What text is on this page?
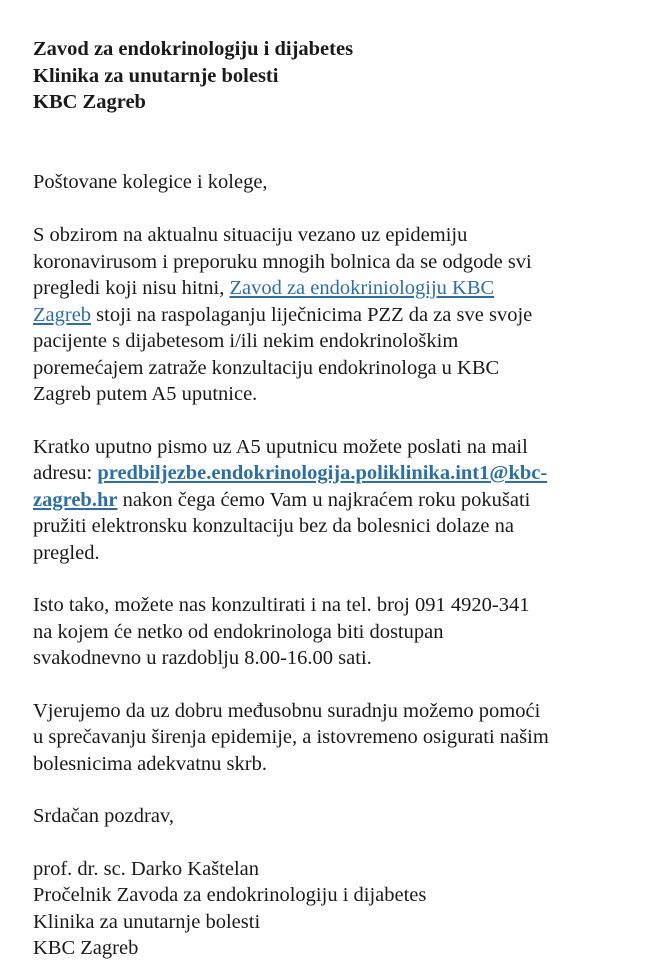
Zavod za endokrinologiju i dijabetes
Klinika za unutarnje bolesti
KBC Zagreb

Poštovane kolegice i kolege,

S obzirom na aktualnu situaciju vezano uz epidemiju
koronavirusom i preporuku mnogih bolnica da se odgode svi
pregledi koji nisu hitni, Zavod za endokriniologiju KBC
Zagreb stoji na raspolaganju liječnicima PZZ da za sve svoje
pacijente s dijabetesom i/ili nekim endokrinološkim
poremećajem zatraže konzultaciju endokrinologa u KBC
Zagreb putem A5 uputnice.

Kratko uputno pismo uz A5 uputnicu možete poslati na mail
adresu: predbiljezbe.endokrinologija.poliklinika.int1@kbc-
zagreb.hr nakon čega ćemo Vam u najkraćem roku pokušati
pružiti elektronsku konzultaciju bez da bolesnici dolaze na
pregled.

Isto tako, možete nas konzultirati i na tel. broj 091 4920-341
na kojem će netko od endokrinologa biti dostupan
svakodnevno u razdoblju 8.00-16.00 sati.

Vjerujemo da uz dobru međusobnu suradnju možemo pomoći
u sprečavanju širenja epidemije, a istovremeno osigurati našim
bolesnicima adekvatnu skrb.

Srdačan pozdrav,

prof. dr. sc. Darko Kaštelan
Pročelnik Zavoda za endokrinologiju i dijabetes
Klinika za unutarnje bolesti
KBC Zagreb
